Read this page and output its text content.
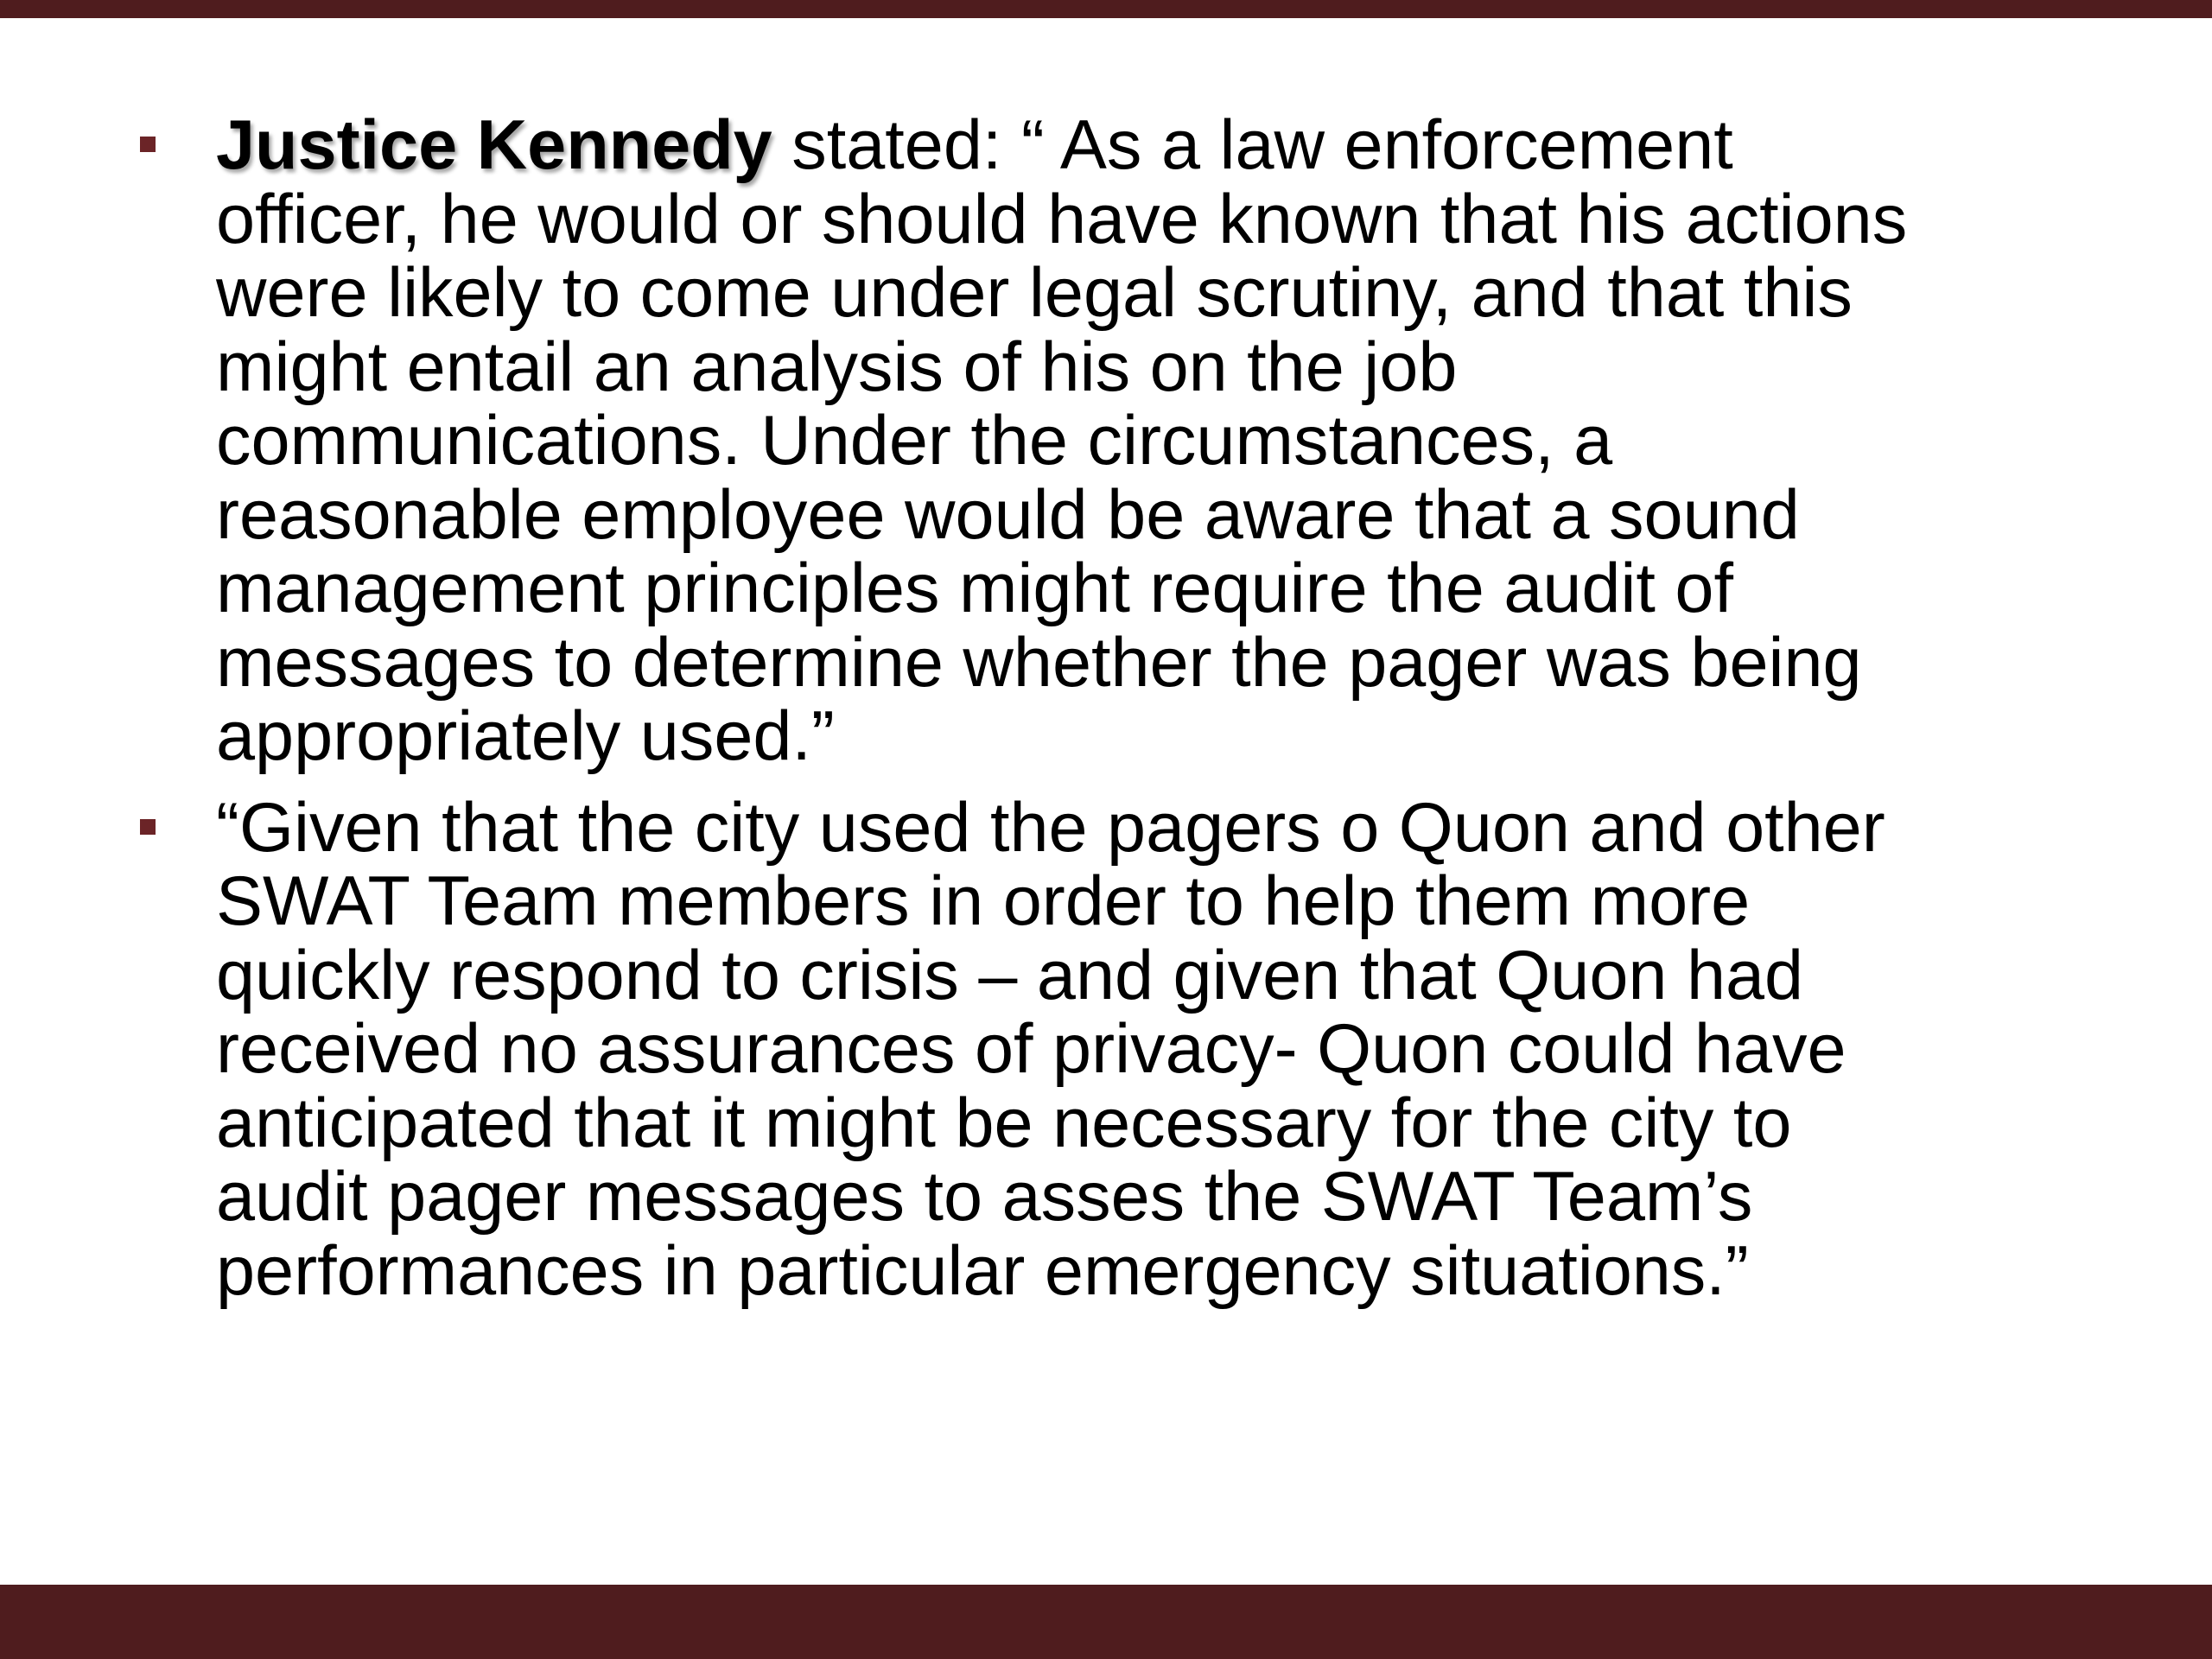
Justice Kennedy stated: “ As a law enforcement
officer, he would or should have known that his actions
were likely to come under legal scrutiny, and that this
might entail an analysis of his on the job
communications. Under the circumstances, a
reasonable employee would be aware that a sound
management principles might require the audit of
messages to determine whether the pager was being
appropriately used.”
“Given that the city used the pagers o Quon and other
SWAT Team members in order to help them more
quickly respond to crisis – and given that Quon had
received no assurances of privacy- Quon could have
anticipated that it might be necessary for the city to
audit pager messages to asses the SWAT Team’s
performances in particular emergency situations.”
